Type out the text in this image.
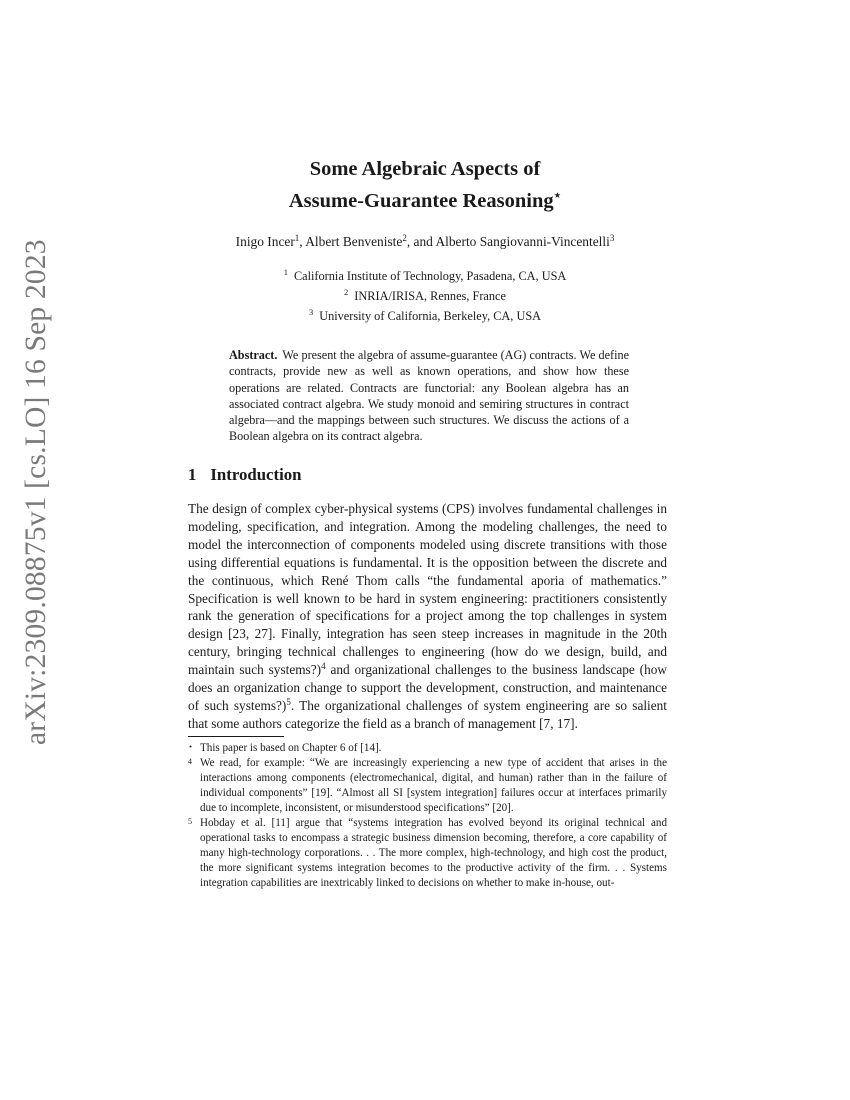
arXiv:2309.08875v1 [cs.LO] 16 Sep 2023
Some Algebraic Aspects of
Assume-Guarantee Reasoning⋆
Inigo Incer$^1$, Albert Benveniste$^2$, and Alberto Sangiovanni-Vincentelli$^3$
$^1$ California Institute of Technology, Pasadena, CA, USA
$^2$ INRIA/IRISA, Rennes, France
$^3$ University of California, Berkeley, CA, USA
Abstract. We present the algebra of assume-guarantee (AG) contracts. We define contracts, provide new as well as known operations, and show how these operations are related. Contracts are functorial: any Boolean algebra has an associated contract algebra. We study monoid and semiring structures in contract algebra—and the mappings between such structures. We discuss the actions of a Boolean algebra on its contract algebra.
1 Introduction

The design of complex cyber-physical systems (CPS) involves fundamental challenges in modeling, specification, and integration. Among the modeling challenges, the need to model the interconnection of components modeled using discrete transitions with those using differential equations is fundamental. It is the opposition between the discrete and the continuous, which René Thom calls “the fundamental aporia of mathematics.” Specification is well known to be hard in system engineering: practitioners consistently rank the generation of specifications for a project among the top challenges in system design [23, 27]. Finally, integration has seen steep increases in magnitude in the 20th century, bringing technical challenges to engineering (how do we design, build, and maintain such systems?)$^4$ and organizational challenges to the business landscape (how does an organization change to support the development, construction, and maintenance of such systems?)$^5$. The organizational challenges of system engineering are so salient that some authors categorize the field as a branch of management [7, 17].

⋆ This paper is based on Chapter 6 of [14].

4 We read, for example: “We are increasingly experiencing a new type of accident that arises in the interactions among components (electromechanical, digital, and human) rather than in the failure of individual components” [19]. “Almost all SI [system integration] failures occur at interfaces primarily due to incomplete, inconsistent, or misunderstood specifications” [20].

5 Hobday et al. [11] argue that “systems integration has evolved beyond its original technical and operational tasks to encompass a strategic business dimension becoming, therefore, a core capability of many high-technology corporations. . . The more complex, high-technology, and high cost the product, the more significant systems integration becomes to the productive activity of the firm. . . Systems integration capabilities are inextricably linked to decisions on whether to make in-house, out-
